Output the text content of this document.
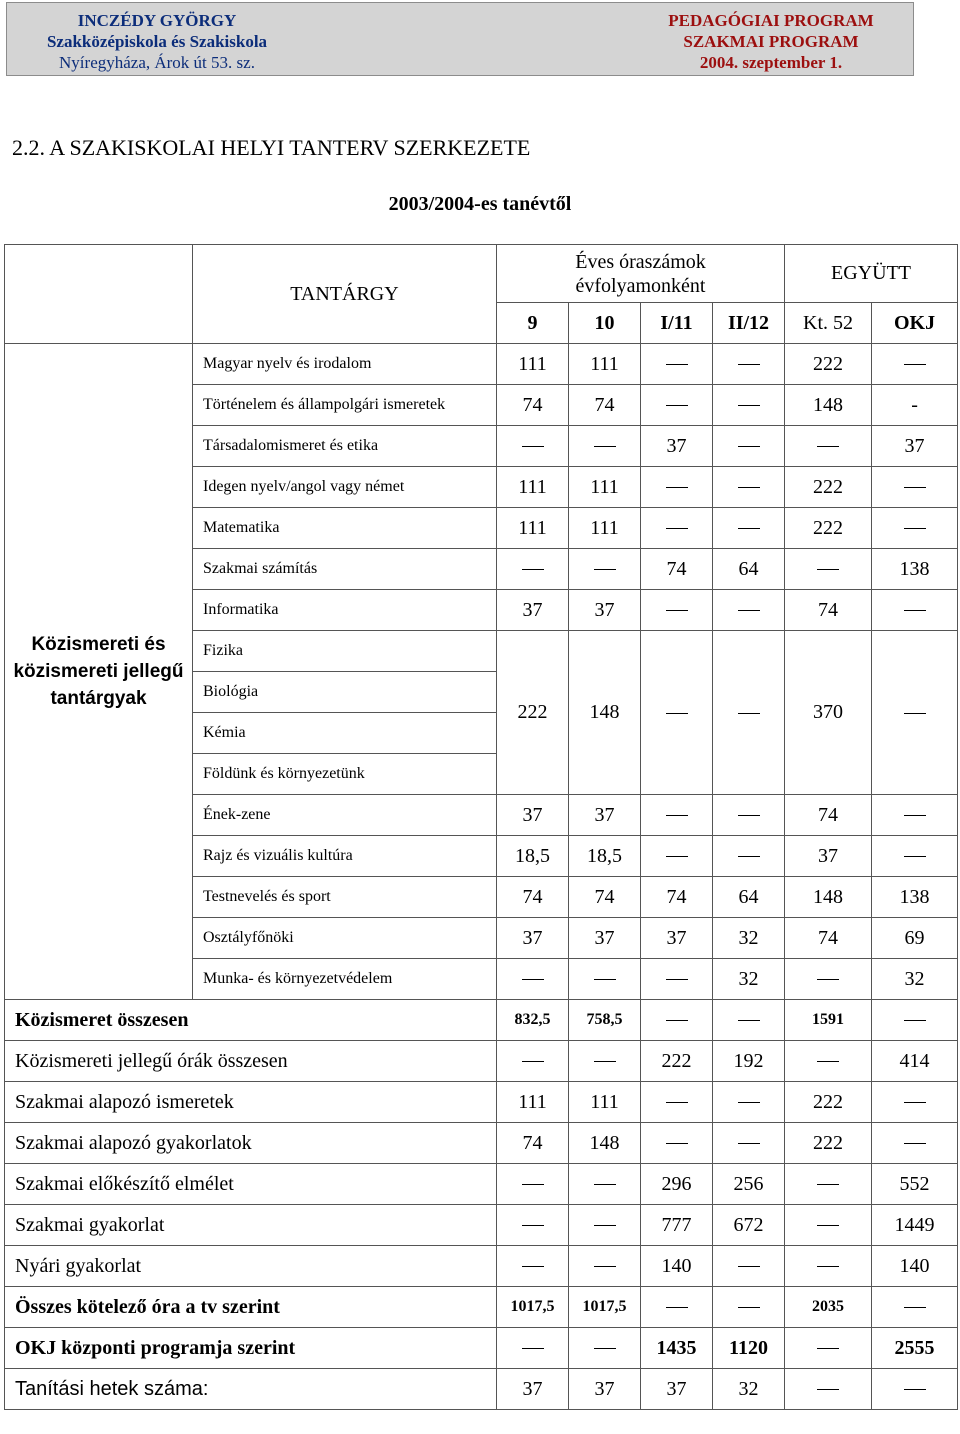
INCZÉDY GYÖRGY
Szakközépiskola és Szakiskola
Nyíregyháza, Árok út 53. sz.
PEDAGÓGIAI PROGRAM
SZAKMAI PROGRAM
2004. szeptember 1.
2.2. A SZAKISKOLAI HELYI TANTERV SZERKEZETE
2003/2004-es tanévtől
	TANTÁRGY	Éves óraszámok
évfolyamonként				EGYÜTT	
		9	10	I/11	II/12	Kt. 52	OKJ
Közismereti és közismereti jellegű tantárgyak	Magyar nyelv és irodalom	111	111			222	
	Történelem és állampolgári ismeretek	74	74			148	-
	Társadalomismeret és etika			37			37
	Idegen nyelv/angol vagy német	111	111			222	
	Matematika	111	111			222	
	Szakmai számítás			74	64		138
	Informatika	37	37			74	
	Fizika	222	148			370	
	Biológia						
	Kémia						
	Földünk és környezetünk						
	Ének-zene	37	37			74	
	Rajz és vizuális kultúra	18,5	18,5			37	
	Testnevelés és sport	74	74	74	64	148	138
	Osztályfőnöki	37	37	37	32	74	69
	Munka- és környezetvédelem				32		32
Közismeret összesen		832,5	758,5			1591	
Közismereti jellegű órák összesen				222	192		414
Szakmai alapozó ismeretek		111	111			222	
Szakmai alapozó gyakorlatok		74	148			222	
Szakmai előkészítő elmélet				296	256		552
Szakmai gyakorlat				777	672		1449
Nyári gyakorlat				140			140
Összes kötelező óra a tv szerint		1017,5	1017,5			2035	
OKJ központi programja szerint				1435	1120		2555
Tanítási hetek száma:		37	37	37	32		
